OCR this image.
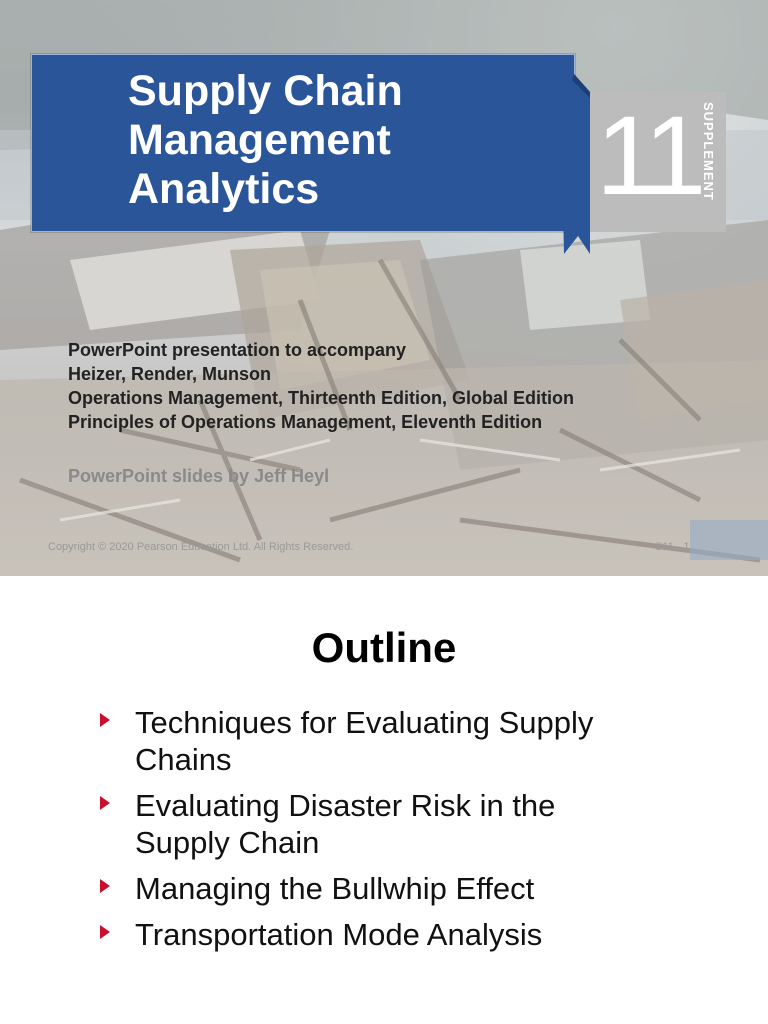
Supply Chain
Management
Analytics	11 SUPPLEMENT
PowerPoint presentation to accompany
Heizer, Render, Munson
Operations Management, Thirteenth Edition, Global Edition
Principles of Operations Management, Eleventh Edition
PowerPoint slides by Jeff Heyl
Copyright © 2020 Pearson Education Ltd. All Rights Reserved.	S11 - 1
Outline
Techniques for Evaluating Supply Chains
Evaluating Disaster Risk in the Supply Chain
Managing the Bullwhip Effect
Transportation Mode Analysis
